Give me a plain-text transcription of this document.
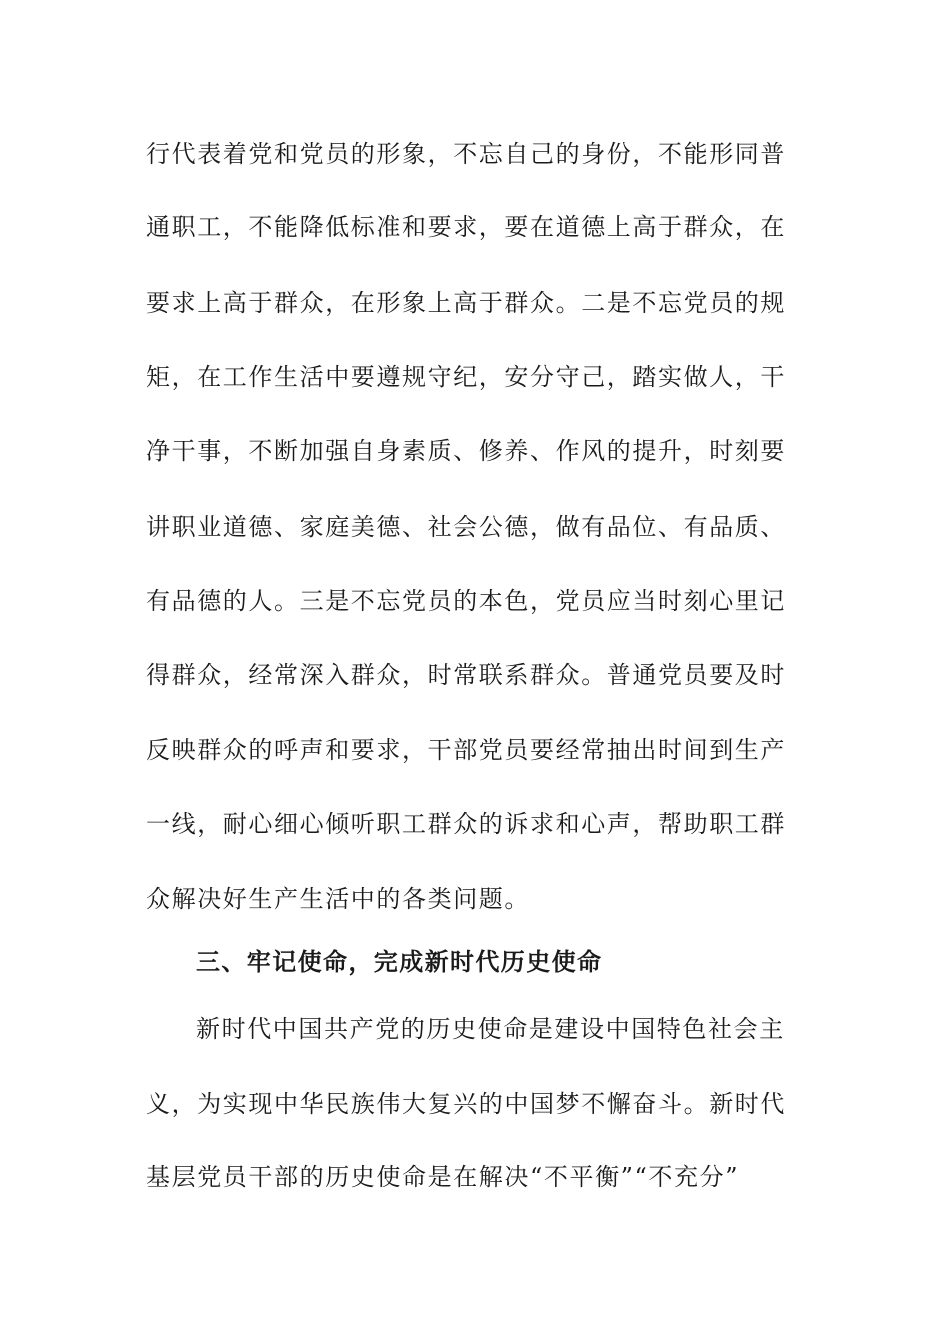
行代表着党和党员的形象，不忘自己的身份，不能形同普
通职工，不能降低标准和要求，要在道德上高于群众，在
要求上高于群众，在形象上高于群众。二是不忘党员的规
矩，在工作生活中要遵规守纪，安分守己，踏实做人，干
净干事，不断加强自身素质、修养、作风的提升，时刻要
讲职业道德、家庭美德、社会公德，做有品位、有品质、
有品德的人。三是不忘党员的本色，党员应当时刻心里记
得群众，经常深入群众，时常联系群众。普通党员要及时
反映群众的呼声和要求，干部党员要经常抽出时间到生产
一线，耐心细心倾听职工群众的诉求和心声，帮助职工群
众解决好生产生活中的各类问题。
三、牢记使命，完成新时代历史使命
新时代中国共产党的历史使命是建设中国特色社会主
义，为实现中华民族伟大复兴的中国梦不懈奋斗。新时代
基层党员干部的历史使命是在解决“不平衡”“不充分”
